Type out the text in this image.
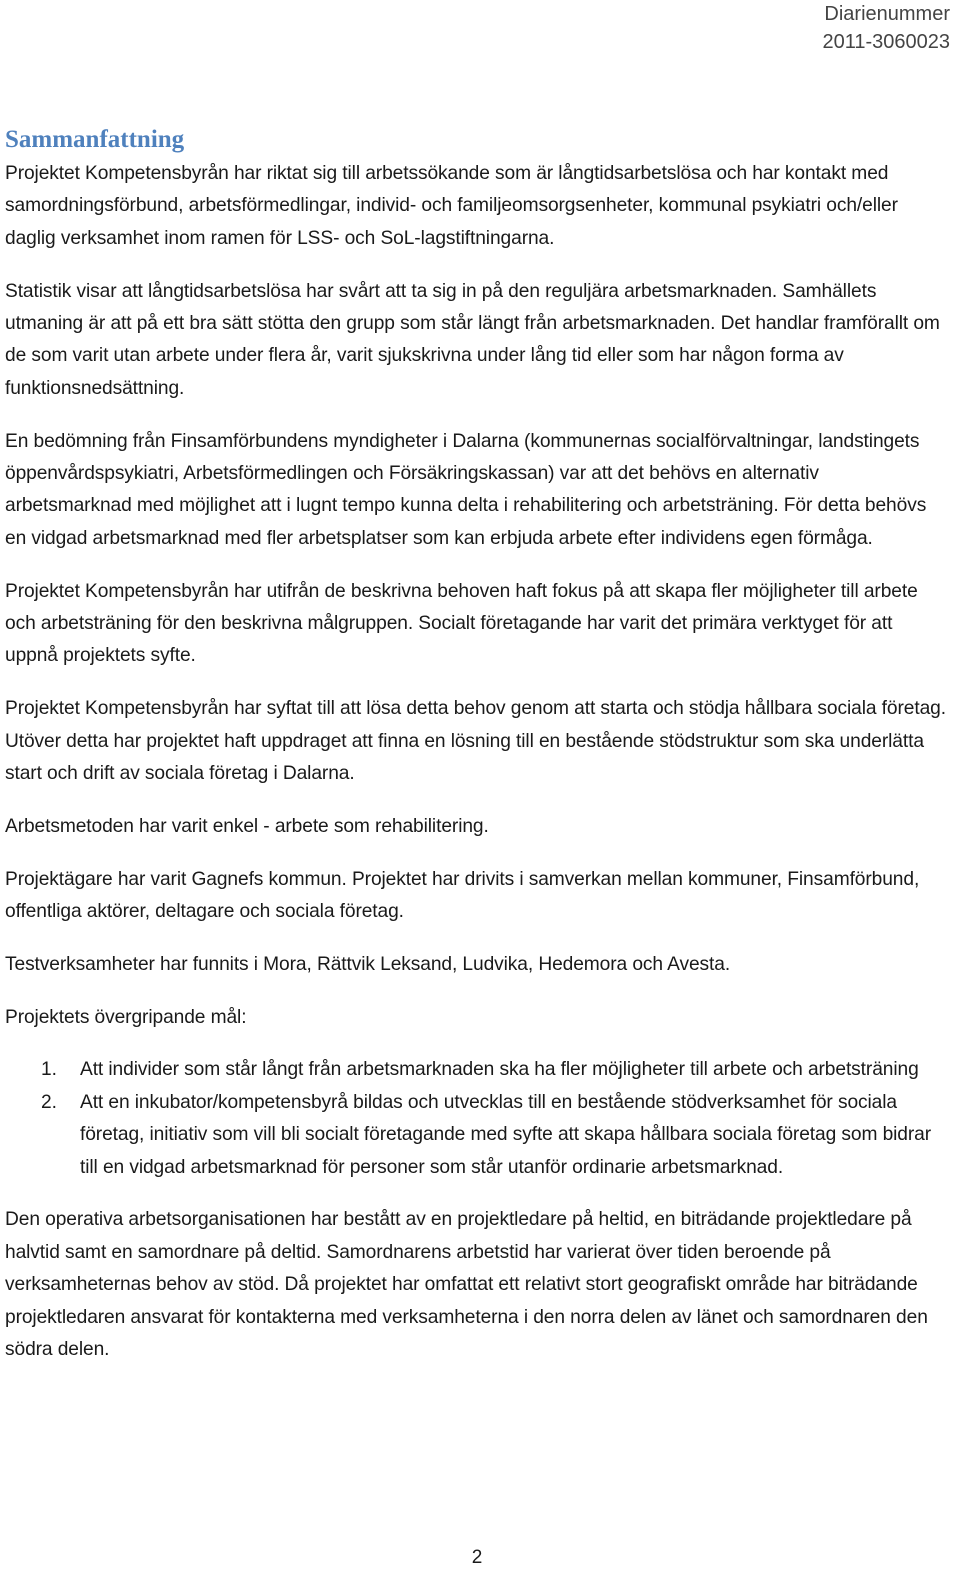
Diarienummer
2011-3060023
Sammanfattning

Projektet Kompetensbyrån har riktat sig till arbetssökande som är långtidsarbetslösa och har kontakt med samordningsförbund, arbetsförmedlingar, individ- och familjeomsorgsenheter, kommunal psykiatri och/eller daglig verksamhet inom ramen för LSS- och SoL-lagstiftningarna.

Statistik visar att långtidsarbetslösa har svårt att ta sig in på den reguljära arbetsmarknaden. Samhällets utmaning är att på ett bra sätt stötta den grupp som står längt från arbetsmarknaden. Det handlar framförallt om de som varit utan arbete under flera år, varit sjukskrivna under lång tid eller som har någon forma av funktionsnedsättning.

En bedömning från Finsamförbundens myndigheter i Dalarna (kommunernas socialförvaltningar, landstingets öppenvårdspsykiatri, Arbetsförmedlingen och Försäkringskassan) var att det behövs en alternativ arbetsmarknad med möjlighet att i lugnt tempo kunna delta i rehabilitering och arbetsträning. För detta behövs en vidgad arbetsmarknad med fler arbetsplatser som kan erbjuda arbete efter individens egen förmåga.

Projektet Kompetensbyrån har utifrån de beskrivna behoven haft fokus på att skapa fler möjligheter till arbete och arbetsträning för den beskrivna målgruppen. Socialt företagande har varit det primära verktyget för att uppnå projektets syfte.

Projektet Kompetensbyrån har syftat till att lösa detta behov genom att starta och stödja hållbara sociala företag. Utöver detta har projektet haft uppdraget att finna en lösning till en bestående stödstruktur som ska underlätta start och drift av sociala företag i Dalarna.

Arbetsmetoden har varit enkel - arbete som rehabilitering.

Projektägare har varit Gagnefs kommun. Projektet har drivits i samverkan mellan kommuner, Finsamförbund, offentliga aktörer, deltagare och sociala företag.

Testverksamheter har funnits i Mora, Rättvik Leksand, Ludvika, Hedemora och Avesta.

Projektets övergripande mål:

1. Att individer som står långt från arbetsmarknaden ska ha fler möjligheter till arbete och arbetsträning
2. Att en inkubator/kompetensbyrå bildas och utvecklas till en bestående stödverksamhet för sociala företag, initiativ som vill bli socialt företagande med syfte att skapa hållbara sociala företag som bidrar till en vidgad arbetsmarknad för personer som står utanför ordinarie arbetsmarknad.

Den operativa arbetsorganisationen har bestått av en projektledare på heltid, en biträdande projektledare på halvtid samt en samordnare på deltid. Samordnarens arbetstid har varierat över tiden beroende på verksamheternas behov av stöd. Då projektet har omfattat ett relativt stort geografiskt område har biträdande projektledaren ansvarat för kontakterna med verksamheterna i den norra delen av länet och samordnaren den södra delen.

2
